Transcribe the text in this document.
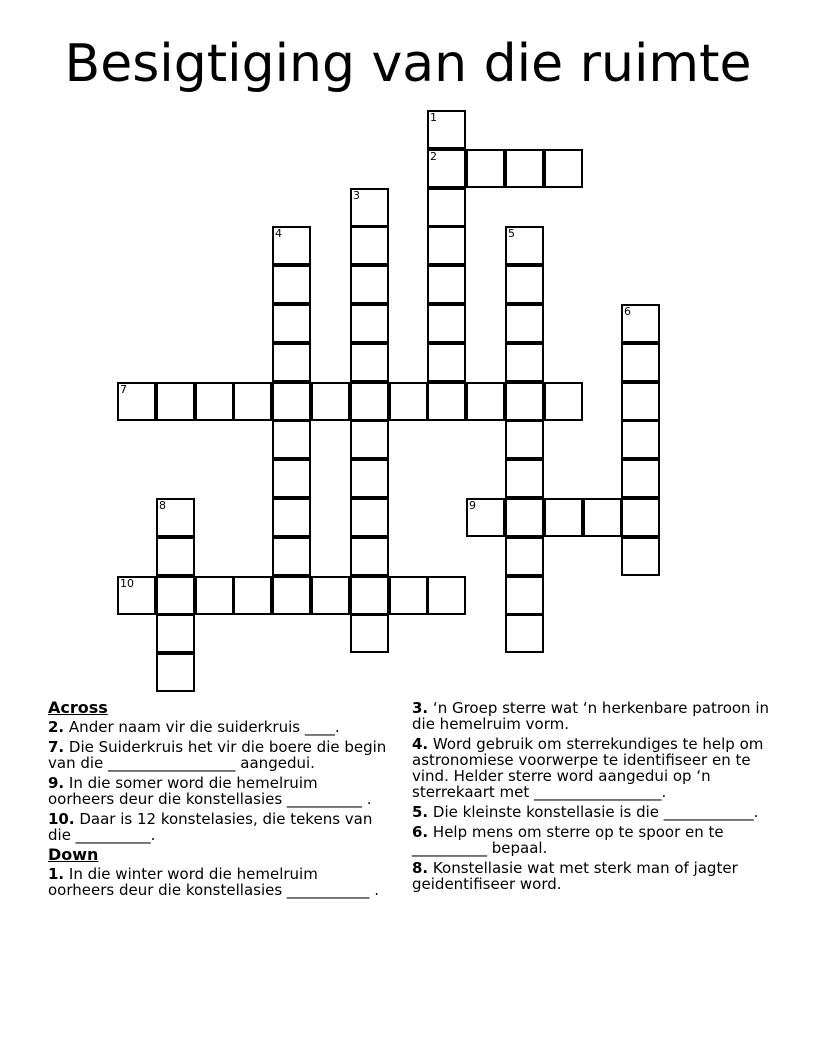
Besigtiging van die ruimte
1
2
3
4	5
6
7
8	9
10
Across
2. Ander naam vir die suiderkruis ____.
7. Die Suiderkruis het vir die boere die begin van die _________________ aangedui.
9. In die somer word die hemelruim oorheers deur die konstellasies __________ .
10. Daar is 12 konstelasies, die tekens van die __________.
Down
1. In die winter word die hemelruim oorheers deur die konstellasies ___________ .
3. ‘n Groep sterre wat ‘n herkenbare patroon in die hemelruim vorm.
4. Word gebruik om sterrekundiges te help om astronomiese voorwerpe te identifiseer en te vind. Helder sterre word aangedui op ‘n sterrekaart met _________________.
5. Die kleinste konstellasie is die ____________.
6. Help mens om sterre op te spoor en te __________ bepaal.
8. Konstellasie wat met sterk man of jagter geidentifiseer word.
